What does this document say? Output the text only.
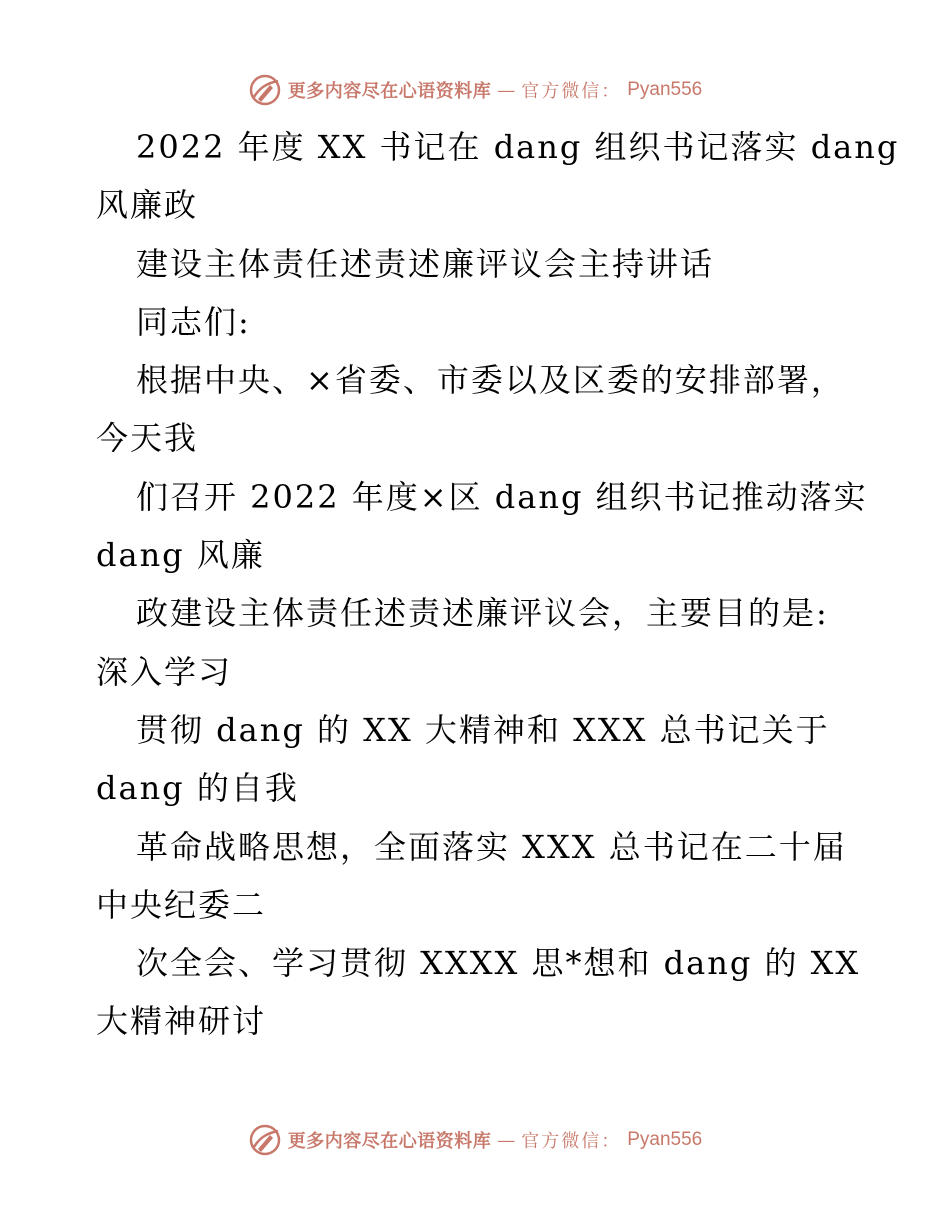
更多内容尽在心语资料库 — 官方微信： Pyan556
2022 年度 XX 书记在 dang 组织书记落实 dang
风廉政
建设主体责任述责述廉评议会主持讲话
同志们:
根据中央、×省委、市委以及区委的安排部署，
今天我
们召开 2022 年度×区 dang 组织书记推动落实
dang 风廉
政建设主体责任述责述廉评议会，主要目的是:
深入学习
贯彻 dang 的 XX 大精神和 XXX 总书记关于
dang 的自我
革命战略思想，全面落实 XXX 总书记在二十届
中央纪委二
次全会、学习贯彻 XXXX 思*想和 dang 的 XX
大精神研讨
更多内容尽在心语资料库 — 官方微信： Pyan556
